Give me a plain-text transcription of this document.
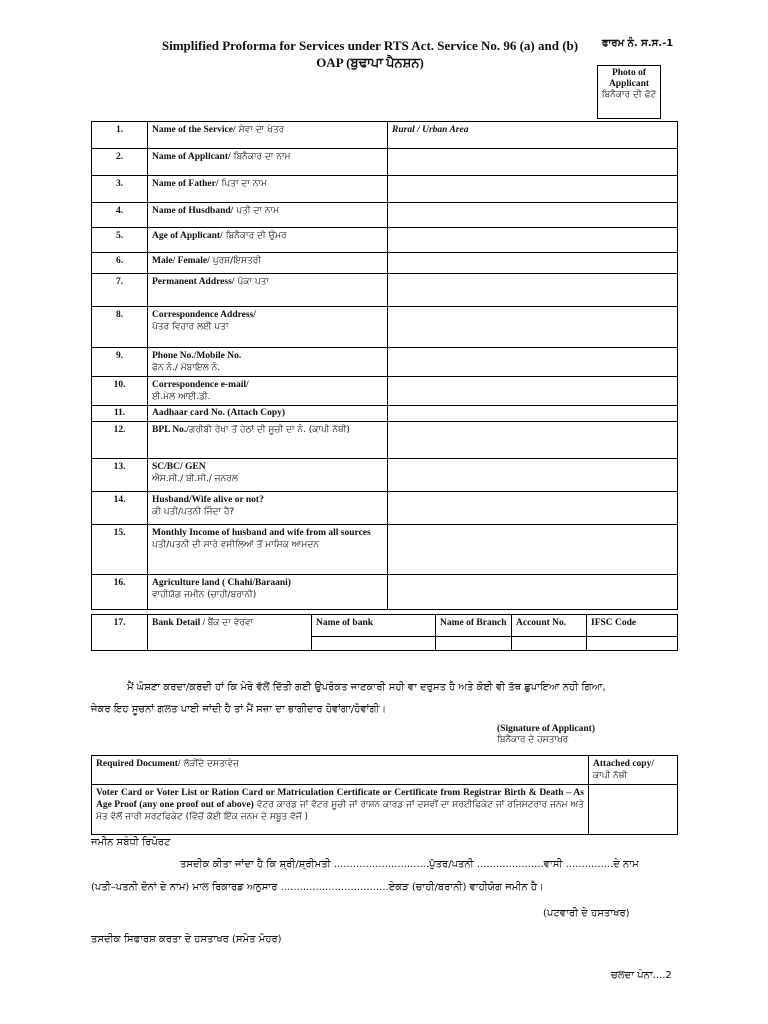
Simplified Proforma for Services under RTS Act. Service No. 96 (a) and (b)
OAP (ਬੁਢਾਪਾ ਪੈਨਸ਼ਨ)
ਫਾਰਮ ਨੰ. ਸ.ਸ.-1
Photo of
Applicant
ਬਿਨੈਕਾਰ ਦੀ ਫੋਟੋ
1.	Name of the Service/ ਸੇਵਾ ਦਾ ਖੇਤਰ	Rural / Urban Area
2.	Name of Applicant/ ਬਿਨੈਕਾਰ ਦਾ ਨਾਮ	
3.	Name of Father/ ਪਿਤਾ ਦਾ ਨਾਮ	
4.	Name of Husdband/ ਪਤੀ ਦਾ ਨਾਮ	
5.	Age of Applicant/ ਬਿਨੈਕਾਰ ਦੀ ਉਮਰ	
6.	Male/ Female/ ਪੁਰਸ਼/ਇਸਤਰੀ	
7.	Permanent Address/ ਪੱਕਾ ਪਤਾ	
8.	Correspondence Address/
ਪੱਤਰ ਵਿਹਾਰ ਲਈ ਪਤਾ	
9.	Phone No./Mobile No.
ਫੋਨ ਨੰ./ ਮੋਬਾਇਲ ਨੰ.	
10.	Correspondence e-mail/
ਈ.ਮੇਲ ਆਈ.ਡੀ.	
11.	Aadhaar card No. (Attach Copy)	

12.	BPL No./ਗਰੀਬੀ ਰੇਖਾ ਤੋਂ ਹੇਠਾਂ ਦੀ ਸੂਚੀ ਦਾ ਨੰ. (ਕਾਪੀ ਨੱਥੀ)	
13.	SC/BC/ GEN
ਐਸ.ਸੀ./ ਬੀ.ਸੀ./ ਜਨਰਲ	
14.	Husband/Wife alive or not?
ਕੀ ਪਤੀ/ਪਤਨੀ ਜਿੰਦਾ ਹੈ?	
15.	Monthly Income of husband and wife from all sources
ਪਤੀ/ਪਤਨੀ ਦੀ ਸਾਰੇ ਵਸੀਲਿਆਂ ਤੋਂ ਮਾਸਿਕ ਆਮਦਨ	
16.	Agriculture land ( Chahi/Baraani)
ਵਾਹੀਯੋਗ ਜਮੀਨ (ਚਾਹੀ/ਬਰਾਨੀ)	
17.	Bank Detail / ਬੈਂਕ ਦਾ ਵੇਰਵਾ	Name of bank	Name of Branch	Account No.	IFSC Code

ਮੈਂ ਘੋਸ਼ਣਾ ਕਰਦਾ/ਕਰਦੀ ਹਾਂ ਕਿ ਮੇਰੇ ਵੱਲੋਂ ਦਿੱਤੀ ਗਈ ਉਪਰੋਕਤ ਜਾਣਕਾਰੀ ਸਹੀ ਵਾ ਦਰੁਸਤ ਹੈ ਅਤੇ ਕੋਈ ਵੀ ਤੱਥ ਛੁਪਾਇਆ ਨਹੀ ਗਿਆ,
ਜੇਕਰ ਇਹ ਸੂਚਨਾਂ ਗਲਤ ਪਾਈ ਜਾਂਦੀ ਹੈ ਤਾਂ ਮੈਂ ਸਜ਼ਾ ਦਾ ਭਾਗੀਦਾਰ ਹੋਵਾਂਗਾ/ਹੋਵਾਂਗੀ।
(Signature of Applicant)
ਬਿਨੈਕਾਰ ਦੇ ਹਸਤਾਖਰ
Required Document/ ਲੋੜੀਂਦੇ ਦਸਤਾਵੇਜ਼	Attached copy/
ਕਾਪੀ ਨੱਥੀ
Voter Card or Voter List or Ration Card or Matriculation Certificate or Certificate from Registrar Birth & Death – As Age Proof (any one proof out of above) ਵੋਟਰ ਕਾਰਡ ਜਾਂ ਵੋਟਰ ਸੂਚੀ ਜਾਂ ਰਾਸ਼ਨ ਕਾਰਡ ਜਾਂ ਦਸਵੀਂ ਦਾ ਸਰਟੀਫਿਕੇਟ ਜਾਂ ਰਜਿਸਟਰਾਰ ਜਨਮ ਅਤੇ ਮੋਤ ਵੱਲੋਂ ਜਾਰੀ ਸਰਟਫਿਕੇਟ (ਵਿੱਚੋਂ ਕੋਈ ਇੱਕ ਜਨਮ ਦੇ ਸਬੂਤ ਵੱਜੋਂ )	
ਜਮੀਨ ਸਬੰਧੀ ਰਿਪੋਰਟ
ਤਸਦੀਕ ਕੀਤਾ ਜਾਂਦਾ ਹੈ ਕਿ ਸ਼੍ਰੀ/ਸ਼੍ਰੀਮਤੀ ..............................ਪੁੱਤਰ/ਪਤਨੀ .....................ਵਾਸੀ ...............ਦੇ ਨਾਮ
(ਪਤੀ–ਪਤਨੀ ਦੋਨਾਂ ਦੇ ਨਾਮ) ਮਾਲ ਰਿਕਾਰਡ ਅਨੁਸਾਰ ..................................ਏਕੜ (ਚਾਹੀ/ਬਰਾਨੀ) ਵਾਹੀਯੋਗ ਜਮੀਨ ਹੈ।
(ਪਟਵਾਰੀ ਦੇ ਹਸਤਾਖਰ)
ਤਸਦੀਕ ਸਿਫਾਰਸ਼ ਕਰਤਾ ਦੇ ਹਸਤਾਖਰ (ਸਮੇਤ ਮੋਹਰ)
ਚਲਦਾ ਪੰਨਾ....2
